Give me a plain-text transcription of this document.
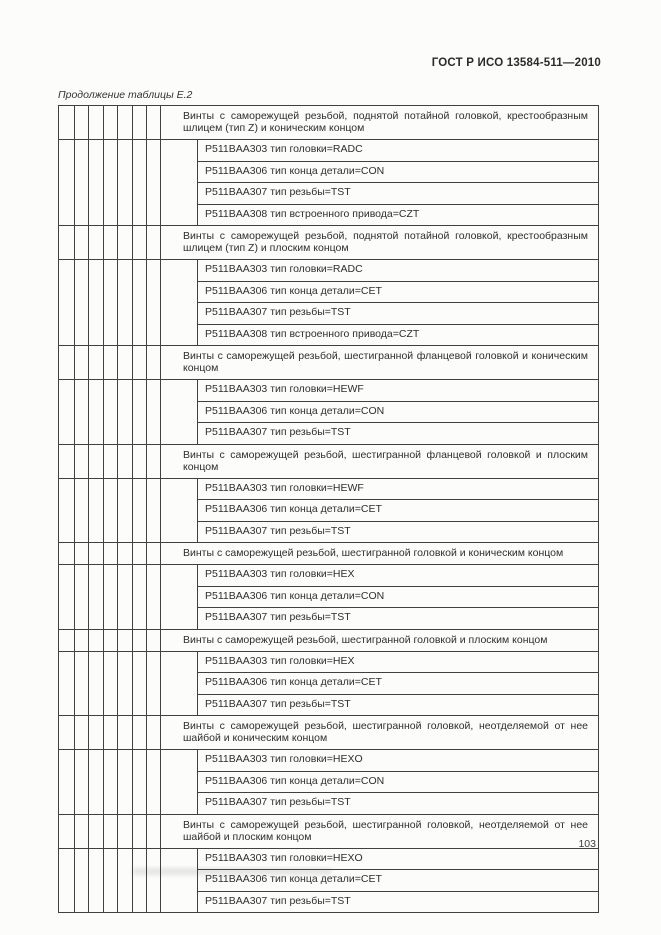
ГОСТ Р ИСО 13584-511—2010
Продолжение таблицы Е.2
Винты с саморежущей резьбой, поднятой потайной головкой, крестообразным шлицем (тип Z) и коническим концом
P511BAA303 тип головки=RADC
P511BAA306 тип конца детали=CON
P511BAA307 тип резьбы=TST
P511BAA308 тип встроенного привода=CZT
Винты с саморежущей резьбой, поднятой потайной головкой, крестообразным шлицем (тип Z) и плоским концом
P511BAA303 тип головки=RADC
P511BAA306 тип конца детали=CET
P511BAA307 тип резьбы=TST
P511BAA308 тип встроенного привода=CZT
Винты с саморежущей резьбой, шестигранной фланцевой головкой и коническим концом
P511BAA303 тип головки=HEWF
P511BAA306 тип конца детали=CON
P511BAA307 тип резьбы=TST
Винты с саморежущей резьбой, шестигранной фланцевой головкой и плоским концом
P511BAA303 тип головки=HEWF
P511BAA306 тип конца детали=CET
P511BAA307 тип резьбы=TST
Винты с саморежущей резьбой, шестигранной головкой и коническим концом
P511BAA303 тип головки=HEX
P511BAA306 тип конца детали=CON
P511BAA307 тип резьбы=TST
Винты с саморежущей резьбой, шестигранной головкой и плоским концом
P511BAA303 тип головки=HEX
P511BAA306 тип конца детали=CET
P511BAA307 тип резьбы=TST
Винты с саморежущей резьбой, шестигранной головкой, неотделяемой от нее шайбой и коническим концом
P511BAA303 тип головки=HEXO
P511BAA306 тип конца детали=CON
P511BAA307 тип резьбы=TST
Винты с саморежущей резьбой, шестигранной головкой, неотделяемой от нее шайбой и плоским концом
P511BAA303 тип головки=HEXO
P511BAA306 тип конца детали=CET
P511BAA307 тип резьбы=TST
103
